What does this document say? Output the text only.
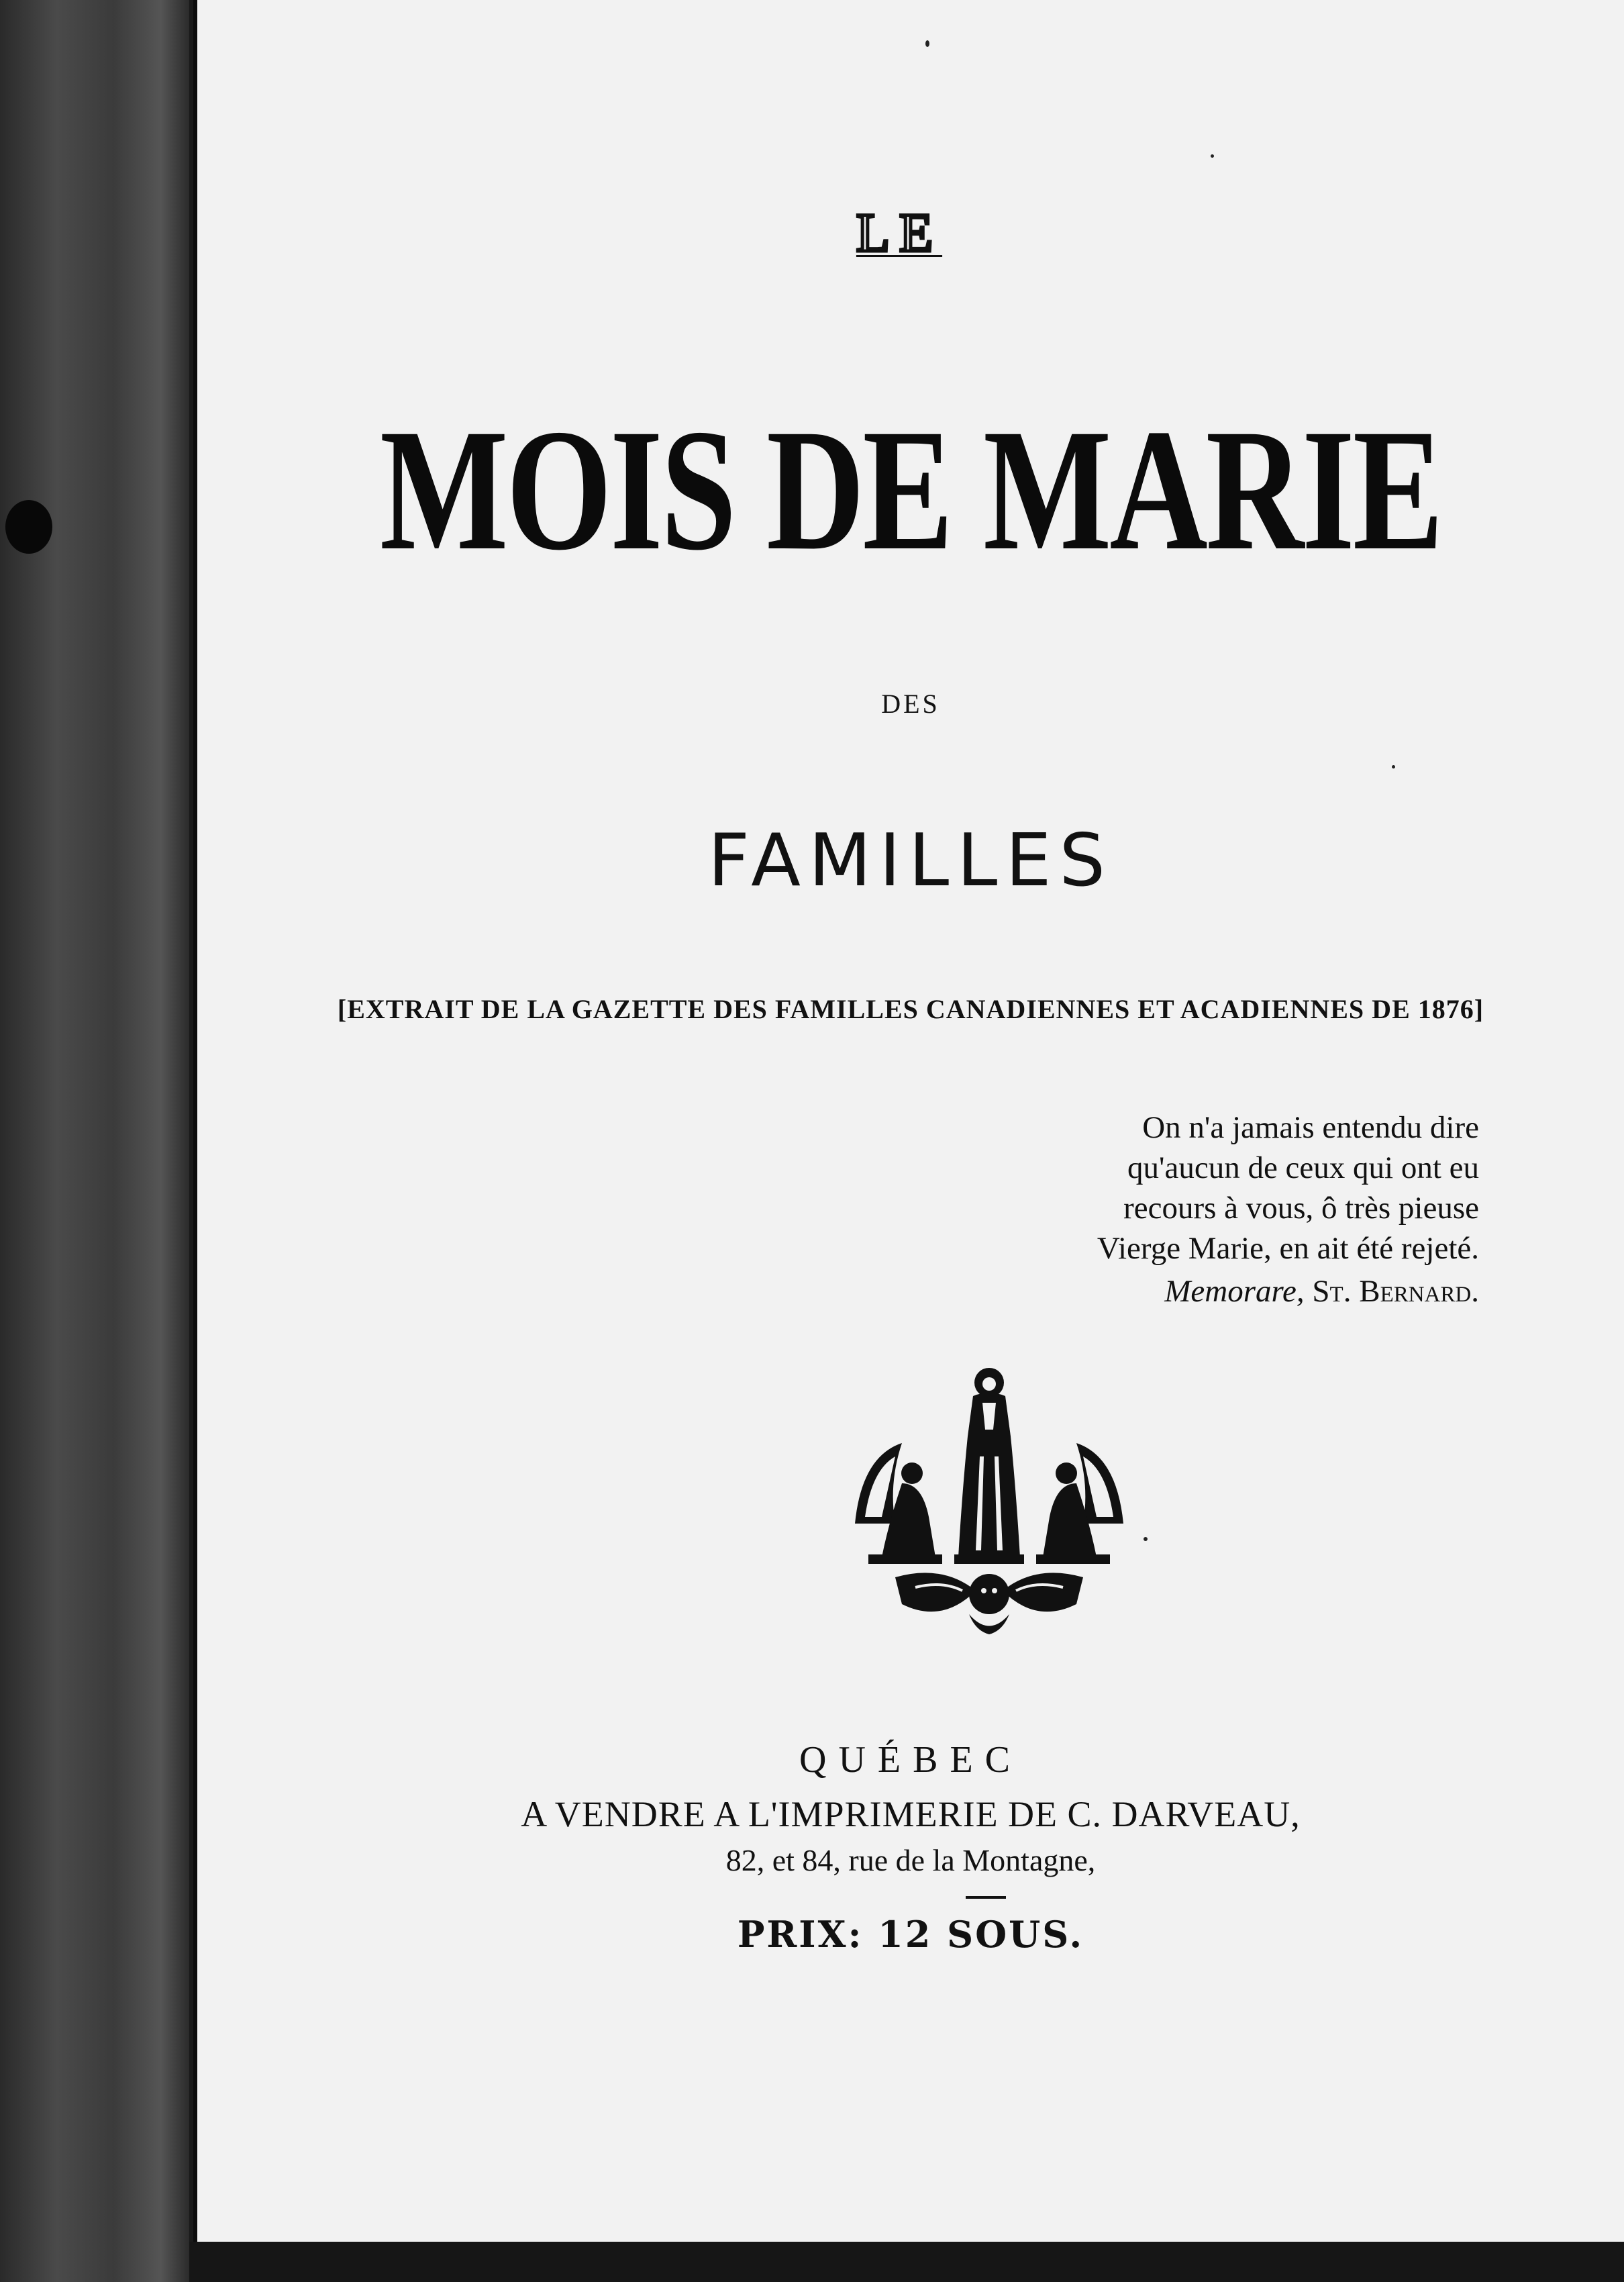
LE
MOIS DE MARIE
DES
FAMILLES
[EXTRAIT DE LA GAZETTE DES FAMILLES CANADIENNES ET ACADIENNES DE 1876]

On n'a jamais entendu dire

qu'aucun de ceux qui ont eu

recours à vous, ô très pieuse

Vierge Marie, en ait été rejeté.

Memorare, St. Bernard.

QUÉBEC
A VENDRE A L'IMPRIMERIE DE C. DARVEAU,
82, et 84, rue de la Montagne,
PRIX: 12 SOUS.
